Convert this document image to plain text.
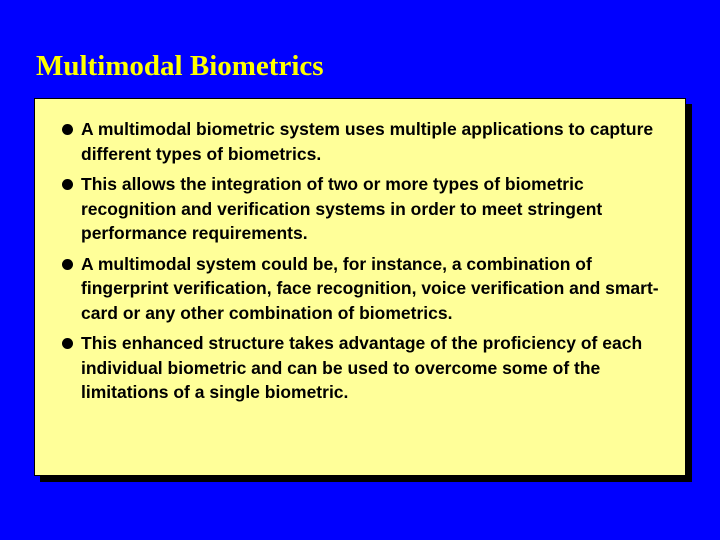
Multimodal Biometrics
A multimodal biometric system uses multiple applications to capture different types of biometrics.
This allows the integration of two or more types of biometric recognition and verification systems in order to meet stringent performance requirements.
A multimodal system could be, for instance, a combination of fingerprint verification, face recognition, voice verification and smart-card or any other combination of biometrics.
This enhanced structure takes advantage of the proficiency of each individual biometric and can be used to overcome some of the limitations of a single biometric.
